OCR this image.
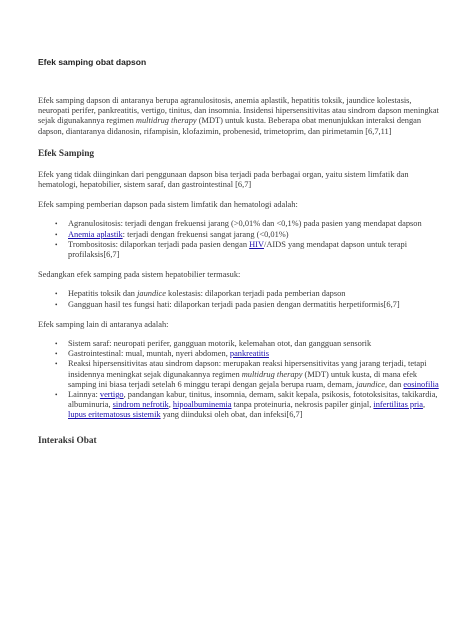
Efek samping obat dapson

Efek samping dapson di antaranya berupa agranulositosis, anemia aplastik, hepatitis toksik, jaundice kolestasis, neuropati perifer, pankreatitis, vertigo, tinitus, dan insomnia. Insidensi hipersensitivitas atau sindrom dapson meningkat sejak digunakannya regimen multidrug therapy (MDT) untuk kusta. Beberapa obat menunjukkan interaksi dengan dapson, diantaranya didanosin, rifampisin, klofazimin, probenesid, trimetoprim, dan pirimetamin [6,7,11]

Efek Samping

Efek yang tidak diinginkan dari penggunaan dapson bisa terjadi pada berbagai organ, yaitu sistem limfatik dan hematologi, hepatobilier, sistem saraf, dan gastrointestinal [6,7]

Efek samping pemberian dapson pada sistem limfatik dan hematologi adalah:

• Agranulositosis: terjadi dengan frekuensi jarang (>0,01% dan <0,1%) pada pasien yang mendapat dapson
• Anemia aplastik: terjadi dengan frekuensi sangat jarang (<0,01%)
• Trombositosis: dilaporkan terjadi pada pasien dengan HIV/AIDS yang mendapat dapson untuk terapi profilaksis[6,7]

Sedangkan efek samping pada sistem hepatobilier termasuk:

• Hepatitis toksik dan jaundice kolestasis: dilaporkan terjadi pada pemberian dapson
• Gangguan hasil tes fungsi hati: dilaporkan terjadi pada pasien dengan dermatitis herpetiformis[6,7]

Efek samping lain di antaranya adalah:

• Sistem saraf: neuropati perifer, gangguan motorik, kelemahan otot, dan gangguan sensorik
• Gastrointestinal: mual, muntah, nyeri abdomen, pankreatitis
• Reaksi hipersensitivitas atau sindrom dapson: merupakan reaksi hipersensitivitas yang jarang terjadi, tetapi insidennya meningkat sejak digunakannya regimen multidrug therapy (MDT) untuk kusta, di mana efek samping ini biasa terjadi setelah 6 minggu terapi dengan gejala berupa ruam, demam, jaundice, dan eosinofilia
• Lainnya: vertigo, pandangan kabur, tinitus, insomnia, demam, sakit kepala, psikosis, fototoksisitas, takikardia, albuminuria, sindrom nefrotik, hipoalbuminemia tanpa proteinuria, nekrosis papiler ginjal, infertilitas pria, lupus eritematosus sistemik yang diinduksi oleh obat, dan infeksi[6,7]
Interaksi Obat
